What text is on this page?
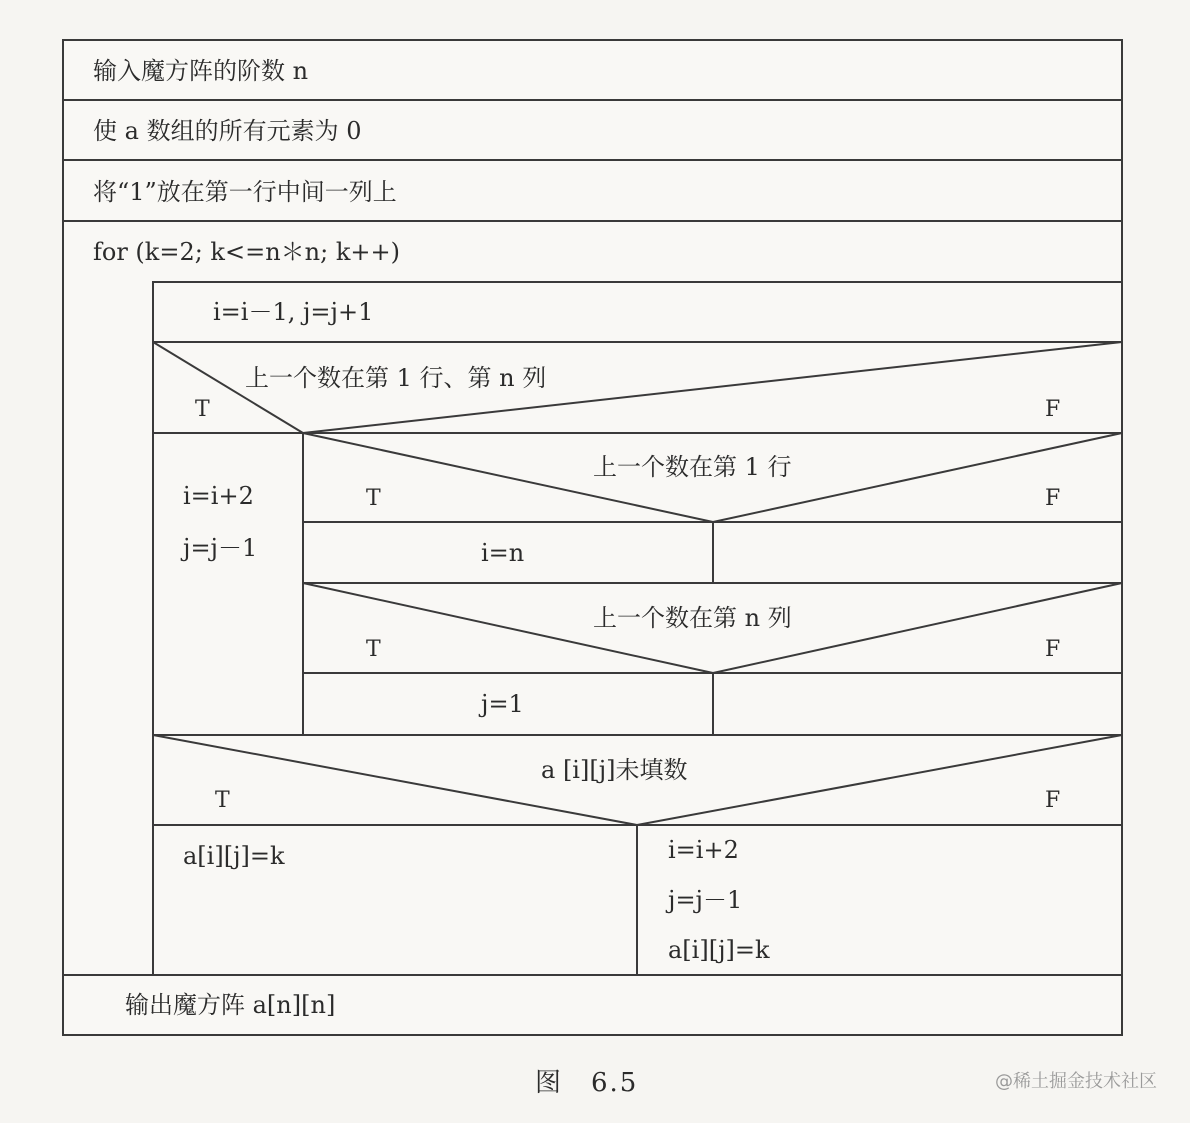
输入魔方阵的阶数 n
使 a 数组的所有元素为 0
将“1”放在第一行中间一列上
for (k=2; k<=n＊n; k++)
i=i－1, j=j+1
上一个数在第 1 行、第 n 列
T	F
i=i+2
j=j－1
上一个数在第 1 行
T	F
i=n
上一个数在第 n 列
T	F
j=1
a [i][j]未填数
T	F
a[i][j]=k	i=i+2
j=j－1
a[i][j]=k
输出魔方阵 a[n][n]
图　6.5	@稀土掘金技术社区
